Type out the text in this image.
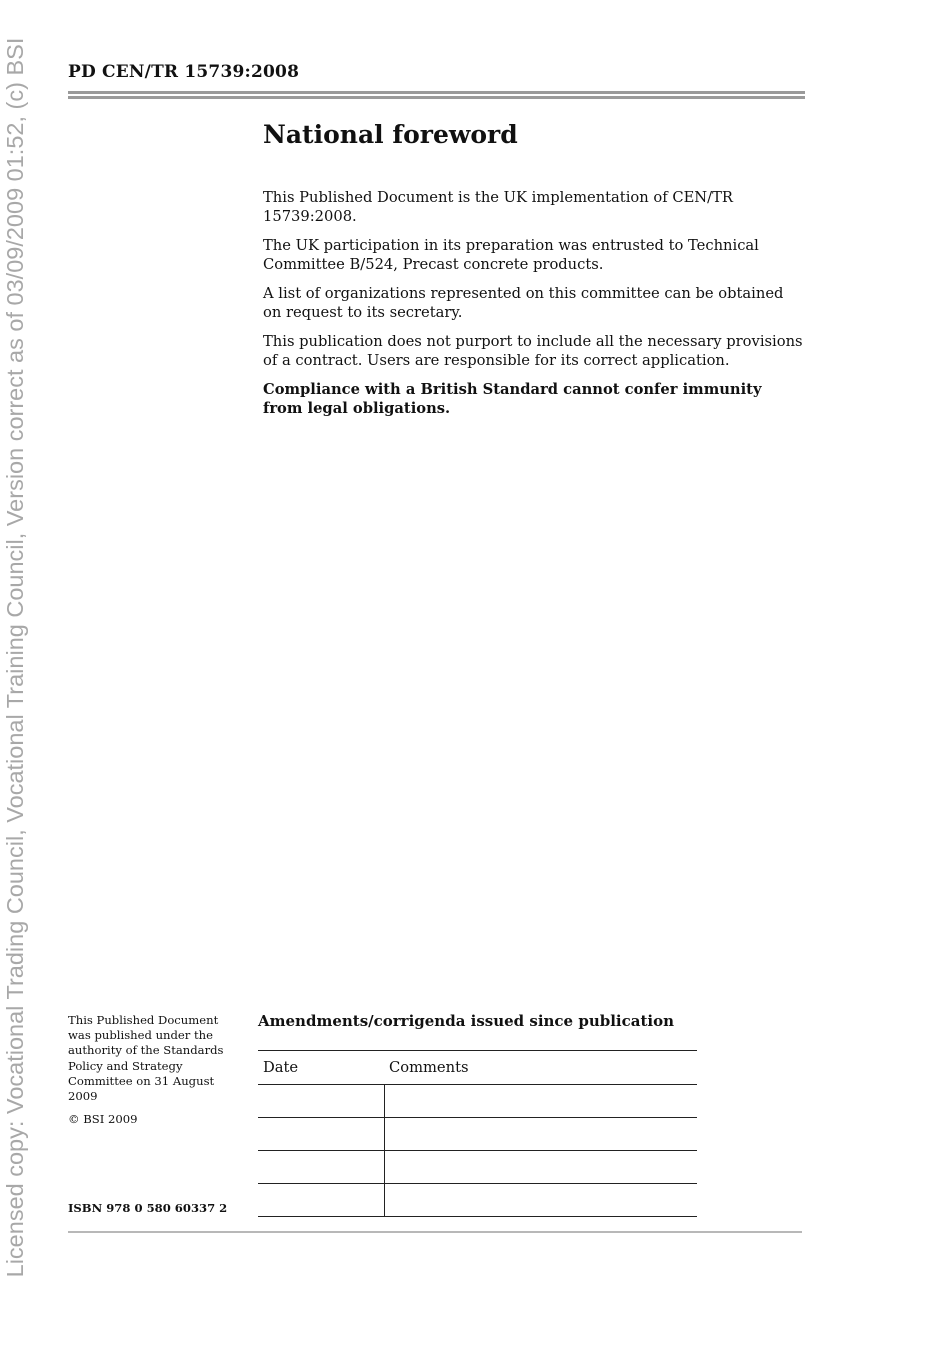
Licensed copy: Vocational Trading Council, Vocational Training Council, Version correct as of 03/09/2009 01:52, (c) BSI	PD CEN/TR 15739:2008
National foreword

This Published Document is the UK implementation of CEN/TR 15739:2008.

The UK participation in its preparation was entrusted to Technical Committee B/524, Precast concrete products.

A list of organizations represented on this committee can be obtained on request to its secretary.

This publication does not purport to include all the necessary provisions of a contract. Users are responsible for its correct application.

Compliance with a British Standard cannot confer immunity from legal obligations.

This Published Document was published under the authority of the Standards Policy and Strategy Committee on 31 August 2009

© BSI 2009

ISBN 978 0 580 60337 2
Amendments/corrigenda issued since publication
Date	Comments
